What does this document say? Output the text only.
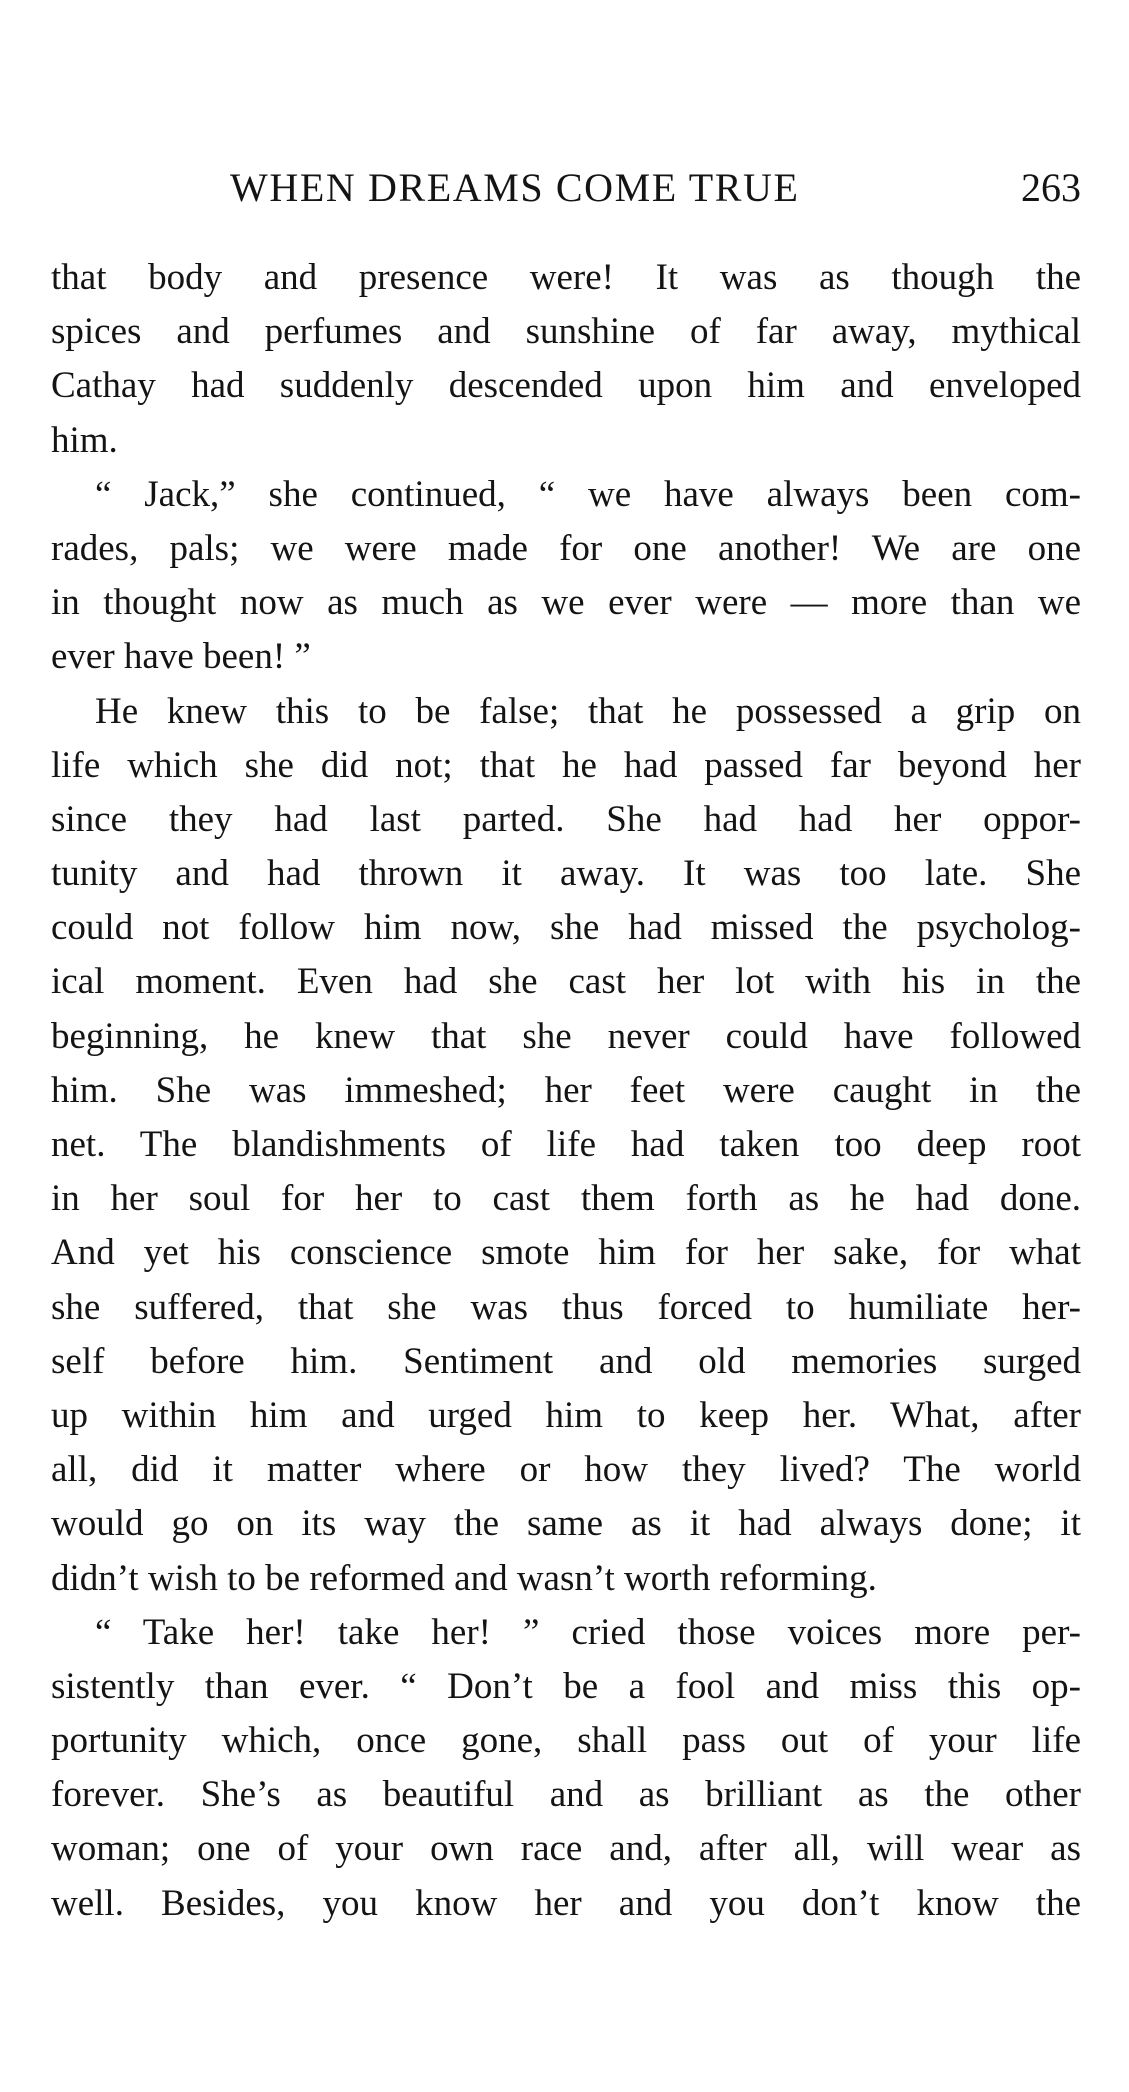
WHEN DREAMS COME TRUE	263
that body and presence were! It was as though the
spices and perfumes and sunshine of far away, mythical
Cathay had suddenly descended upon him and enveloped
him.
“ Jack,” she continued, “ we have always been com-
rades, pals; we were made for one another! We are one
in thought now as much as we ever were — more than we
ever have been! ”
He knew this to be false; that he possessed a grip on
life which she did not; that he had passed far beyond her
since they had last parted. She had had her oppor-
tunity and had thrown it away. It was too late. She
could not follow him now, she had missed the psycholog-
ical moment. Even had she cast her lot with his in the
beginning, he knew that she never could have followed
him. She was immeshed; her feet were caught in the
net. The blandishments of life had taken too deep root
in her soul for her to cast them forth as he had done.
And yet his conscience smote him for her sake, for what
she suffered, that she was thus forced to humiliate her-
self before him. Sentiment and old memories surged
up within him and urged him to keep her. What, after
all, did it matter where or how they lived? The world
would go on its way the same as it had always done; it
didn’t wish to be reformed and wasn’t worth reforming.
“ Take her! take her! ” cried those voices more per-
sistently than ever. “ Don’t be a fool and miss this op-
portunity which, once gone, shall pass out of your life
forever. She’s as beautiful and as brilliant as the other
woman; one of your own race and, after all, will wear as
well. Besides, you know her and you don’t know the
